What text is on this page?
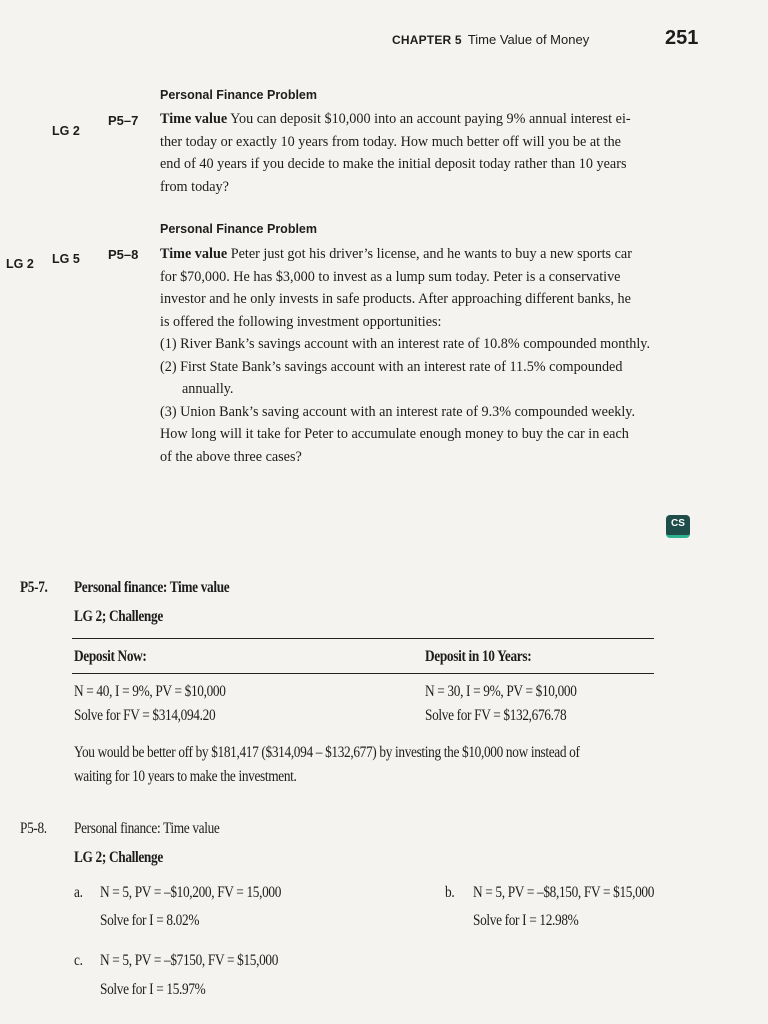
CHAPTER 5 Time Value of Money	251
Personal Finance Problem
LG 2
P5–7 Time value You can deposit $10,000 into an account paying 9% annual interest ei-
ther today or exactly 10 years from today. How much better off will you be at the
end of 40 years if you decide to make the initial deposit today rather than 10 years
from today?
Personal Finance Problem
LG 2 LG 5 P5–8 Time value Peter just got his driver’s license, and he wants to buy a new sports car
for $70,000. He has $3,000 to invest as a lump sum today. Peter is a conservative
investor and he only invests in safe products. After approaching different banks, he
is offered the following investment opportunities:
(1) River Bank’s savings account with an interest rate of 10.8% compounded monthly.
(2) First State Bank’s savings account with an interest rate of 11.5% compounded
annually.
(3) Union Bank’s saving account with an interest rate of 9.3% compounded weekly.
How long will it take for Peter to accumulate enough money to buy the car in each
of the above three cases?
CS
P5-7. Personal finance: Time value
LG 2; Challenge
Deposit Now:	Deposit in 10 Years:
N = 40, I = 9%, PV = $10,000
Solve for FV = $314,094.20
N = 30, I = 9%, PV = $10,000
Solve for FV = $132,676.78
You would be better off by $181,417 ($314,094 – $132,677) by investing the $10,000 now instead of
waiting for 10 years to make the investment.
P5-8. Personal finance: Time value
LG 2; Challenge
a. N = 5, PV = –$10,200, FV = 15,000
Solve for I = 8.02%
b. N = 5, PV = –$8,150, FV = $15,000
Solve for I = 12.98%
c. N = 5, PV = –$7150, FV = $15,000
Solve for I = 15.97%
